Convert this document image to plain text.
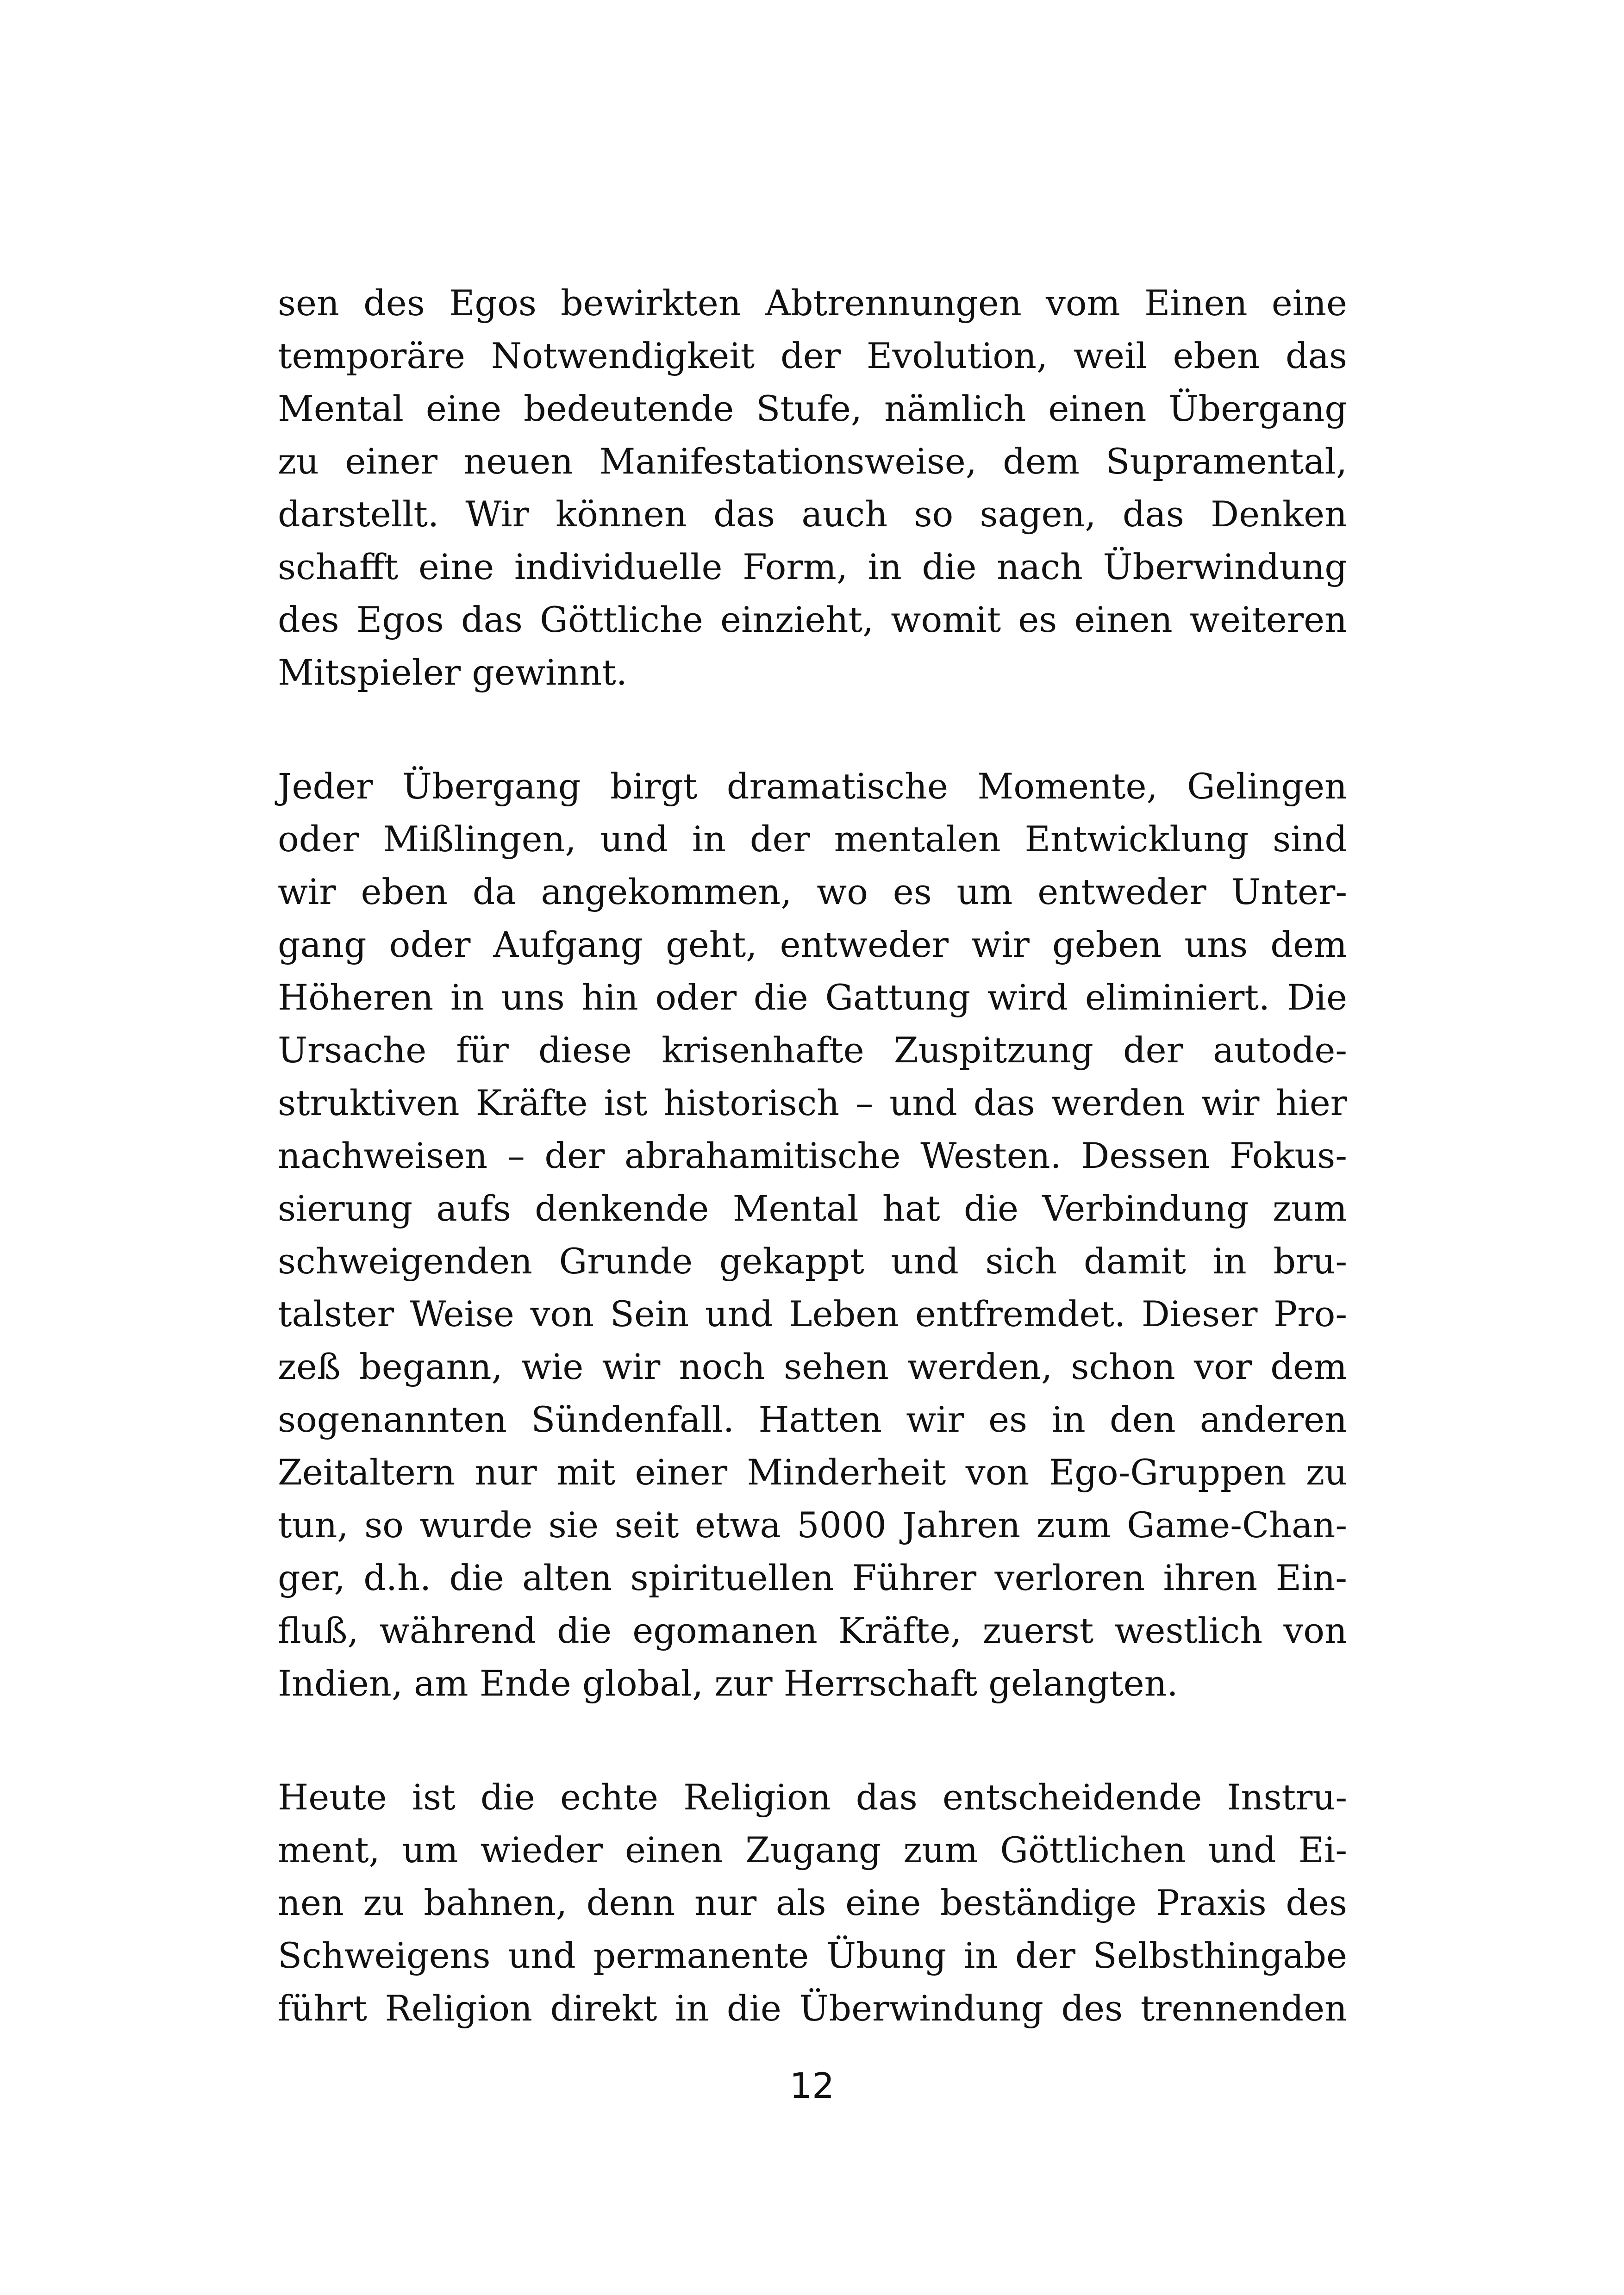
sen des Egos bewirkten Abtrennungen vom Einen eine
temporäre Notwendigkeit der Evolution, weil eben das
Mental eine bedeutende Stufe, nämlich einen Übergang
zu einer neuen Manifestationsweise, dem Supramental,
darstellt. Wir können das auch so sagen, das Denken
schafft eine individuelle Form, in die nach Überwindung
des Egos das Göttliche einzieht, womit es einen weiteren
Mitspieler gewinnt.

Jeder Übergang birgt dramatische Momente, Gelingen
oder Mißlingen, und in der mentalen Entwicklung sind
wir eben da angekommen, wo es um entweder Unter-
gang oder Aufgang geht, entweder wir geben uns dem
Höheren in uns hin oder die Gattung wird eliminiert. Die
Ursache für diese krisenhafte Zuspitzung der autode-
struktiven Kräfte ist historisch – und das werden wir hier
nachweisen – der abrahamitische Westen. Dessen Fokus-
sierung aufs denkende Mental hat die Verbindung zum
schweigenden Grunde gekappt und sich damit in bru-
talster Weise von Sein und Leben entfremdet. Dieser Pro-
zeß begann, wie wir noch sehen werden, schon vor dem
sogenannten Sündenfall. Hatten wir es in den anderen
Zeitaltern nur mit einer Minderheit von Ego-Gruppen zu
tun, so wurde sie seit etwa 5000 Jahren zum Game-Chan-
ger, d.h. die alten spirituellen Führer verloren ihren Ein-
fluß, während die egomanen Kräfte, zuerst westlich von
Indien, am Ende global, zur Herrschaft gelangten.

Heute ist die echte Religion das entscheidende Instru-
ment, um wieder einen Zugang zum Göttlichen und Ei-
nen zu bahnen, denn nur als eine beständige Praxis des
Schweigens und permanente Übung in der Selbsthingabe
führt Religion direkt in die Überwindung des trennenden

12
